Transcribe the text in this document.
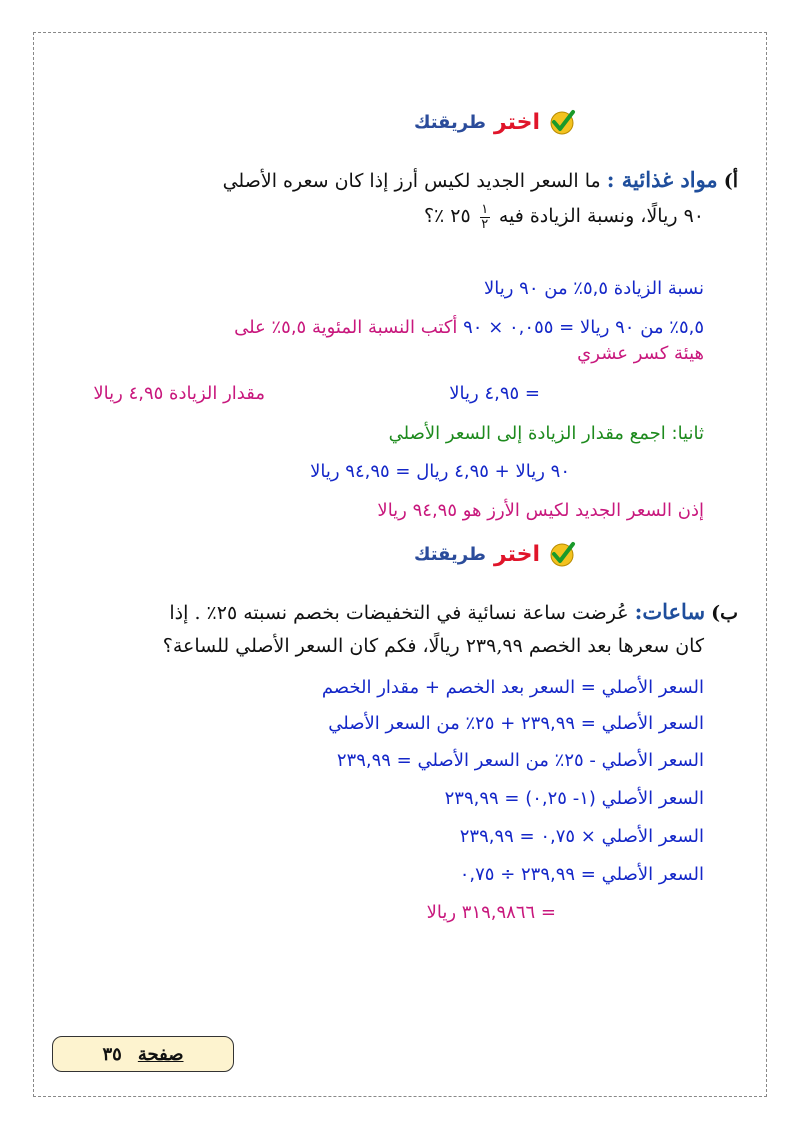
اختر
طريقتك
أ) مواد غذائية : ما السعر الجديد لكيس أرز إذا كان سعره الأصلي
٩٠ ريالًا، ونسبة الزيادة فيه
$\frac{١}{٢}$
٢٥ ٪؟
نسبة الزيادة ٥,٥٪ من ٩٠ ريالا
٥,٥٪ من ٩٠ ريالا = ٠,٠٥٥ × ٩٠ أكتب النسبة المئوية ٥,٥٪ على
هيئة كسر عشري
= ٤,٩٥ ريالا
مقدار الزيادة ٤,٩٥ ريالا
ثانيا: اجمع مقدار الزيادة إلى السعر الأصلي
٩٠ ريالا + ٤,٩٥ ريال = ٩٤,٩٥ ريالا
إذن السعر الجديد لكيس الأرز هو ٩٤,٩٥ ريالا
اختر
طريقتك
ب) ساعات: عُرضت ساعة نسائية في التخفيضات بخصم نسبته ٢٥٪ . إذا
كان سعرها بعد الخصم ٢٣٩,٩٩ ريالًا، فكم كان السعر الأصلي للساعة؟
السعر الأصلي = السعر بعد الخصم + مقدار الخصم
السعر الأصلي = ٢٣٩,٩٩ + ٢٥٪ من السعر الأصلي
السعر الأصلي - ٢٥٪ من السعر الأصلي = ٢٣٩,٩٩
السعر الأصلي (١- ٠,٢٥) = ٢٣٩,٩٩
السعر الأصلي × ٠,٧٥ = ٢٣٩,٩٩
السعر الأصلي = ٢٣٩,٩٩ ÷ ٠,٧٥
= ٣١٩,٩٨٦٦ ريالا
صفحة
٣٥
